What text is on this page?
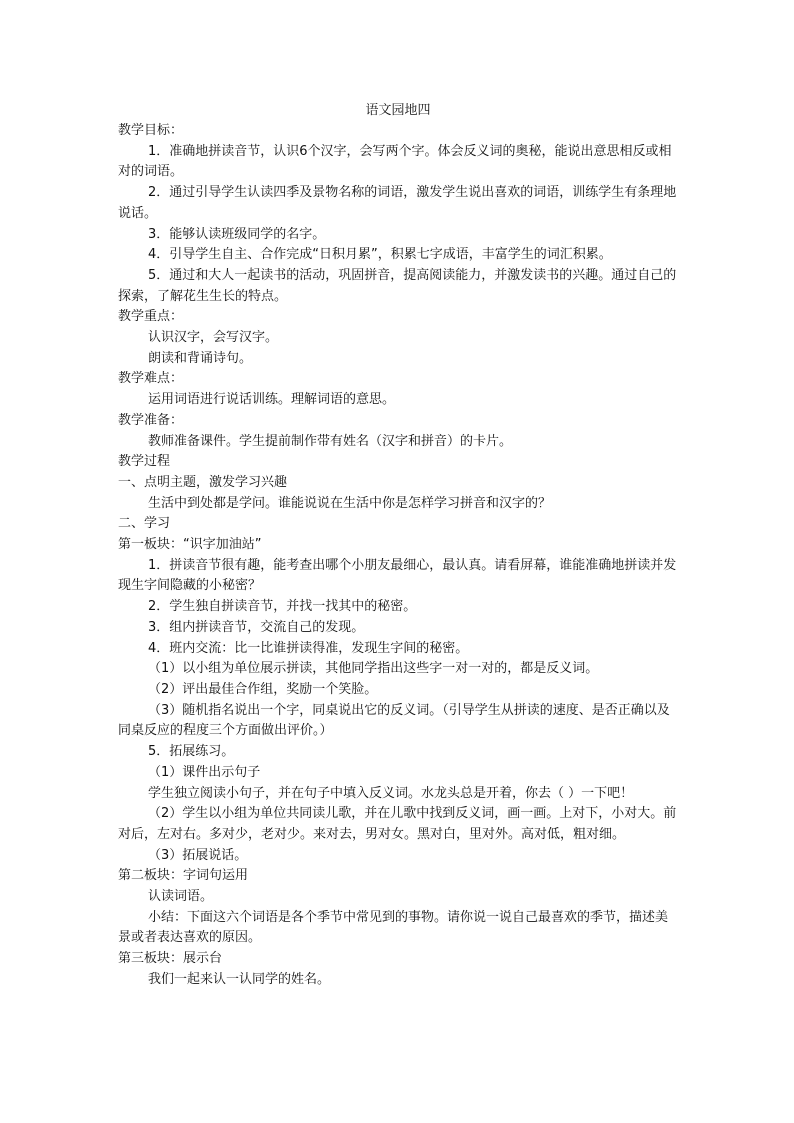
语文园地四

教学目标：

1．准确地拼读音节，认识6个汉字，会写两个字。体会反义词的奥秘，能说出意思相反或相对的词语。

2．通过引导学生认读四季及景物名称的词语，激发学生说出喜欢的词语，训练学生有条理地说话。

3．能够认读班级同学的名字。

4．引导学生自主、合作完成“日积月累”，积累七字成语，丰富学生的词汇积累。

5．通过和大人一起读书的活动，巩固拼音，提高阅读能力，并激发读书的兴趣。通过自己的探索，了解花生生长的特点。

教学重点：

认识汉字，会写汉字。

朗读和背诵诗句。

教学难点：

运用词语进行说话训练。理解词语的意思。

教学准备：

教师准备课件。学生提前制作带有姓名（汉字和拼音）的卡片。

教学过程

一、点明主题，激发学习兴趣

生活中到处都是学问。谁能说说在生活中你是怎样学习拼音和汉字的？

二、学习

第一板块：“识字加油站”

1．拼读音节很有趣，能考查出哪个小朋友最细心，最认真。请看屏幕，谁能准确地拼读并发现生字间隐藏的小秘密？

2．学生独自拼读音节，并找一找其中的秘密。

3．组内拼读音节，交流自己的发现。

4．班内交流：比一比谁拼读得准，发现生字间的秘密。

（1）以小组为单位展示拼读，其他同学指出这些字一对一对的，都是反义词。

（2）评出最佳合作组，奖励一个笑脸。

（3）随机指名说出一个字，同桌说出它的反义词。（引导学生从拼读的速度、是否正确以及同桌反应的程度三个方面做出评价。）

5．拓展练习。

（1）课件出示句子

学生独立阅读小句子，并在句子中填入反义词。水龙头总是开着，你去（ ）一下吧！

（2）学生以小组为单位共同读儿歌，并在儿歌中找到反义词，画一画。上对下，小对大。前对后，左对右。多对少，老对少。来对去，男对女。黑对白，里对外。高对低，粗对细。

（3）拓展说话。

第二板块：字词句运用

认读词语。

小结：下面这六个词语是各个季节中常见到的事物。请你说一说自己最喜欢的季节，描述美景或者表达喜欢的原因。

第三板块：展示台

我们一起来认一认同学的姓名。
